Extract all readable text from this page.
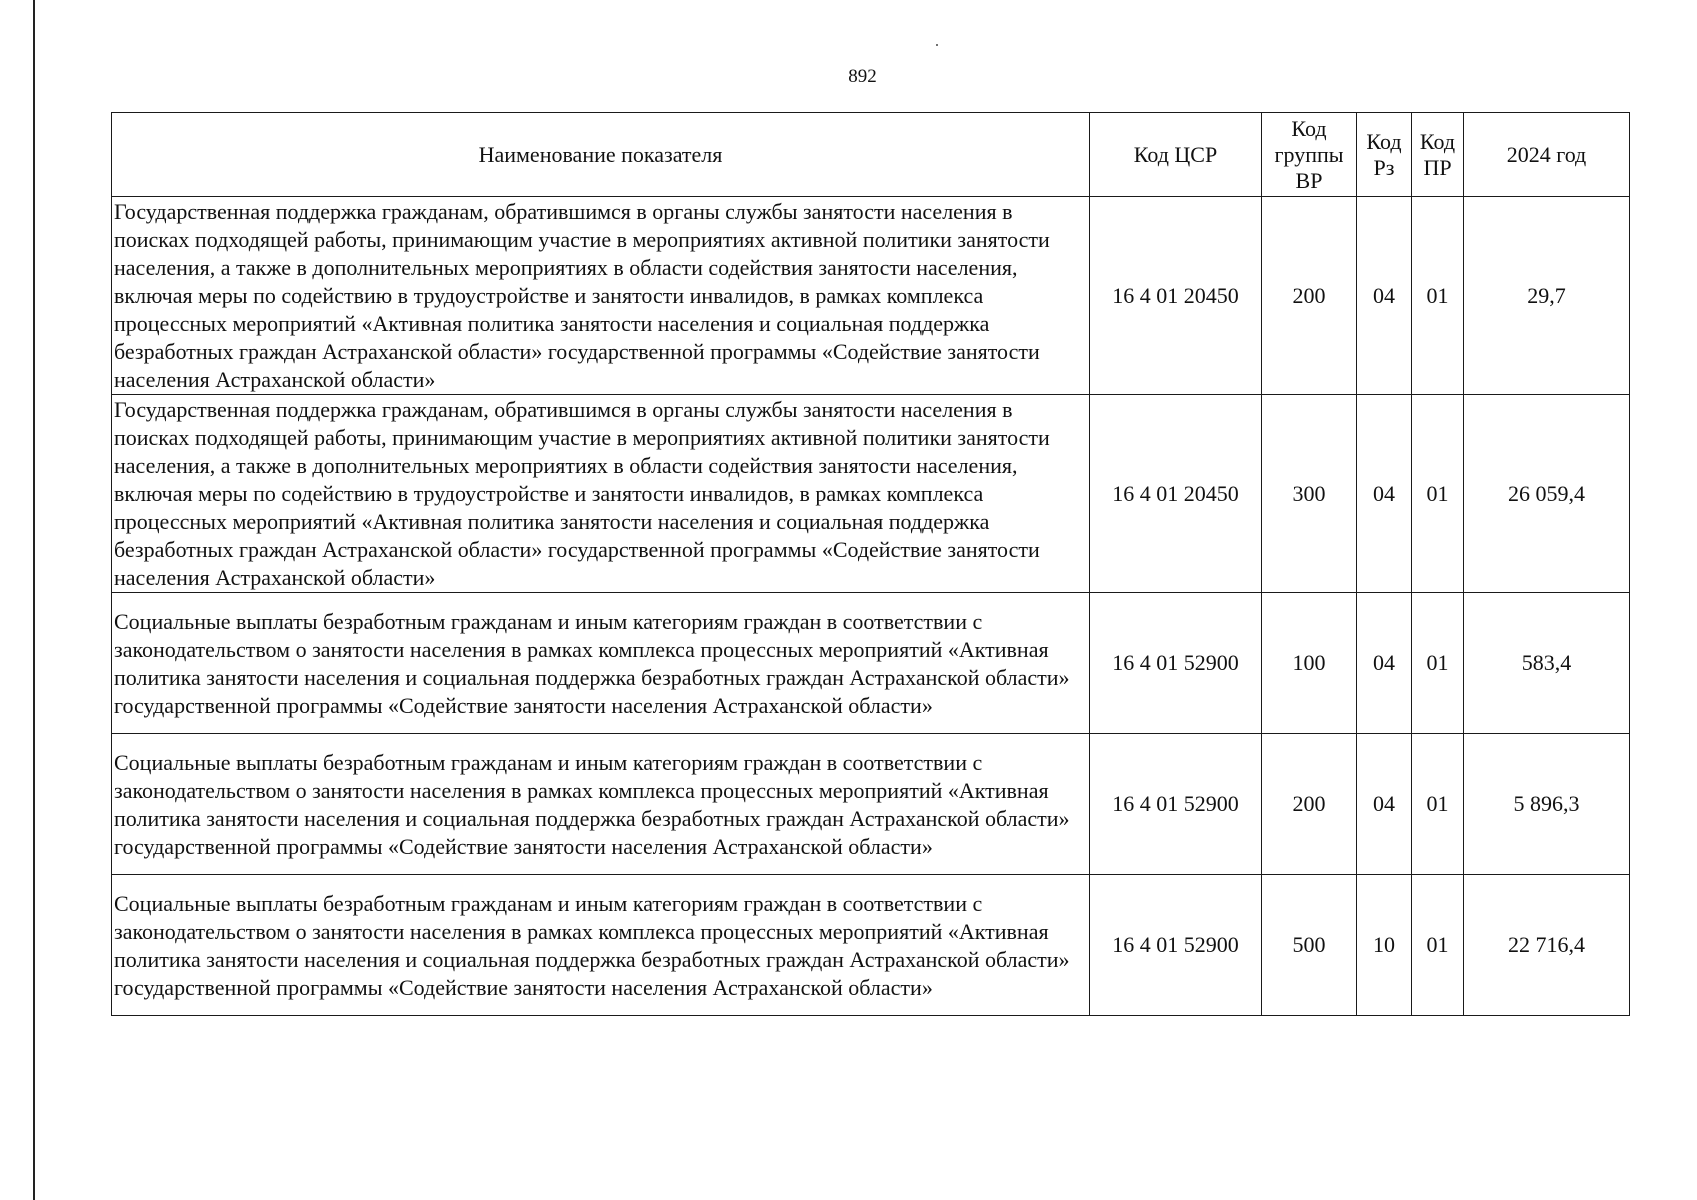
892
Наименование показателя	Код ЦСР	Код группы ВР	Код Рз	Код ПР	2024 год
Государственная поддержка гражданам, обратившимся в органы службы занятости населения в поисках подходящей работы, принимающим участие в мероприятиях активной политики занятости населения, а также в дополнительных мероприятиях в области содействия занятости населения, включая меры по содействию в трудоустройстве и занятости инвалидов, в рамках комплекса процессных мероприятий «Активная политика занятости населения и социальная поддержка безработных граждан Астраханской области» государственной программы «Содействие занятости населения Астраханской области»	16 4 01 20450	200	04	01	29,7
Государственная поддержка гражданам, обратившимся в органы службы занятости населения в поисках подходящей работы, принимающим участие в мероприятиях активной политики занятости населения, а также в дополнительных мероприятиях в области содействия занятости населения, включая меры по содействию в трудоустройстве и занятости инвалидов, в рамках комплекса процессных мероприятий «Активная политика занятости населения и социальная поддержка безработных граждан Астраханской области» государственной программы «Содействие занятости населения Астраханской области»	16 4 01 20450	300	04	01	26 059,4
Социальные выплаты безработным гражданам и иным категориям граждан в соответствии с законодательством о занятости населения в рамках комплекса процессных мероприятий «Активная политика занятости населения и социальная поддержка безработных граждан Астраханской области» государственной программы «Содействие занятости населения Астраханской области»	16 4 01 52900	100	04	01	583,4
Социальные выплаты безработным гражданам и иным категориям граждан в соответствии с законодательством о занятости населения в рамках комплекса процессных мероприятий «Активная политика занятости населения и социальная поддержка безработных граждан Астраханской области» государственной программы «Содействие занятости населения Астраханской области»	16 4 01 52900	200	04	01	5 896,3
Социальные выплаты безработным гражданам и иным категориям граждан в соответствии с законодательством о занятости населения в рамках комплекса процессных мероприятий «Активная политика занятости населения и социальная поддержка безработных граждан Астраханской области» государственной программы «Содействие занятости населения Астраханской области»	16 4 01 52900	500	10	01	22 716,4
